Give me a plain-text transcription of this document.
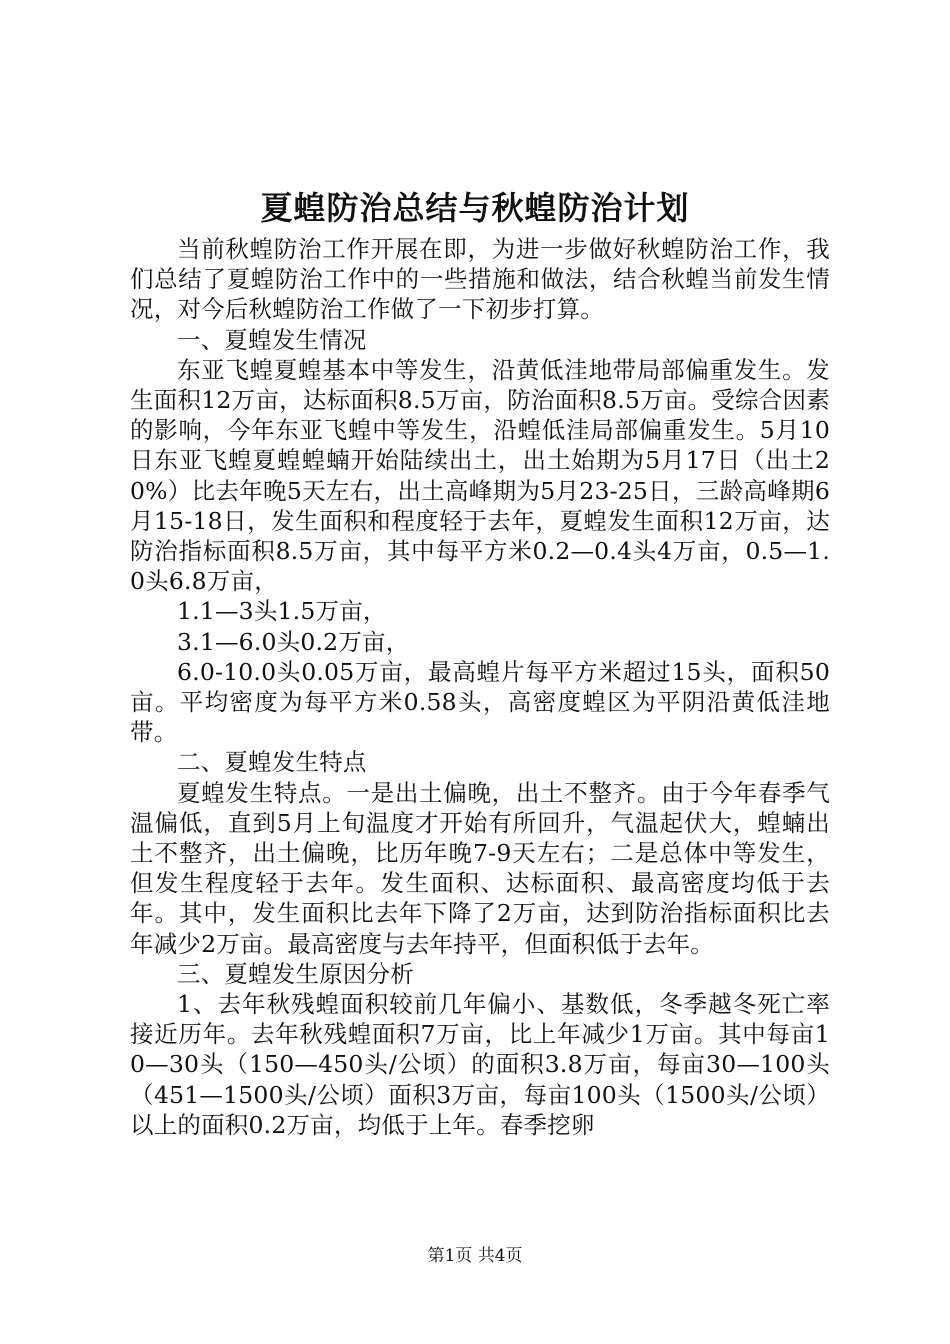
夏蝗防治总结与秋蝗防治计划

当前秋蝗防治工作开展在即，为进一步做好秋蝗防治工作，我们总结了夏蝗防治工作中的一些措施和做法，结合秋蝗当前发生情况，对今后秋蝗防治工作做了一下初步打算。

一、夏蝗发生情况

东亚飞蝗夏蝗基本中等发生，沿黄低洼地带局部偏重发生。发生面积12万亩，达标面积8.5万亩，防治面积8.5万亩。受综合因素的影响，今年东亚飞蝗中等发生，沿蝗低洼局部偏重发生。5月10日东亚飞蝗夏蝗蝗蝻开始陆续出土，出土始期为5月17日（出土20%）比去年晚5天左右，出土高峰期为5月23-25日，三龄高峰期6月15-18日，发生面积和程度轻于去年，夏蝗发生面积12万亩，达防治指标面积8.5万亩，其中每平方米0.2—0.4头4万亩，0.5—1.0头6.8万亩，

1.1—3头1.5万亩，

3.1—6.0头0.2万亩，

6.0-10.0头0.05万亩，最高蝗片每平方米超过15头，面积50亩。平均密度为每平方米0.58头，高密度蝗区为平阴沿黄低洼地带。

二、夏蝗发生特点

夏蝗发生特点。一是出土偏晚，出土不整齐。由于今年春季气温偏低，直到5月上旬温度才开始有所回升，气温起伏大，蝗蝻出土不整齐，出土偏晚，比历年晚7-9天左右；二是总体中等发生，但发生程度轻于去年。发生面积、达标面积、最高密度均低于去年。其中，发生面积比去年下降了2万亩，达到防治指标面积比去年减少2万亩。最高密度与去年持平，但面积低于去年。

三、夏蝗发生原因分析

1、去年秋残蝗面积较前几年偏小、基数低，冬季越冬死亡率接近历年。去年秋残蝗面积7万亩，比上年减少1万亩。其中每亩10—30头（150—450头/公顷）的面积3.8万亩，每亩30—100头（451—1500头/公顷）面积3万亩，每亩100头（1500头/公顷）以上的面积0.2万亩，均低于上年。春季挖卵

第1页 共4页
